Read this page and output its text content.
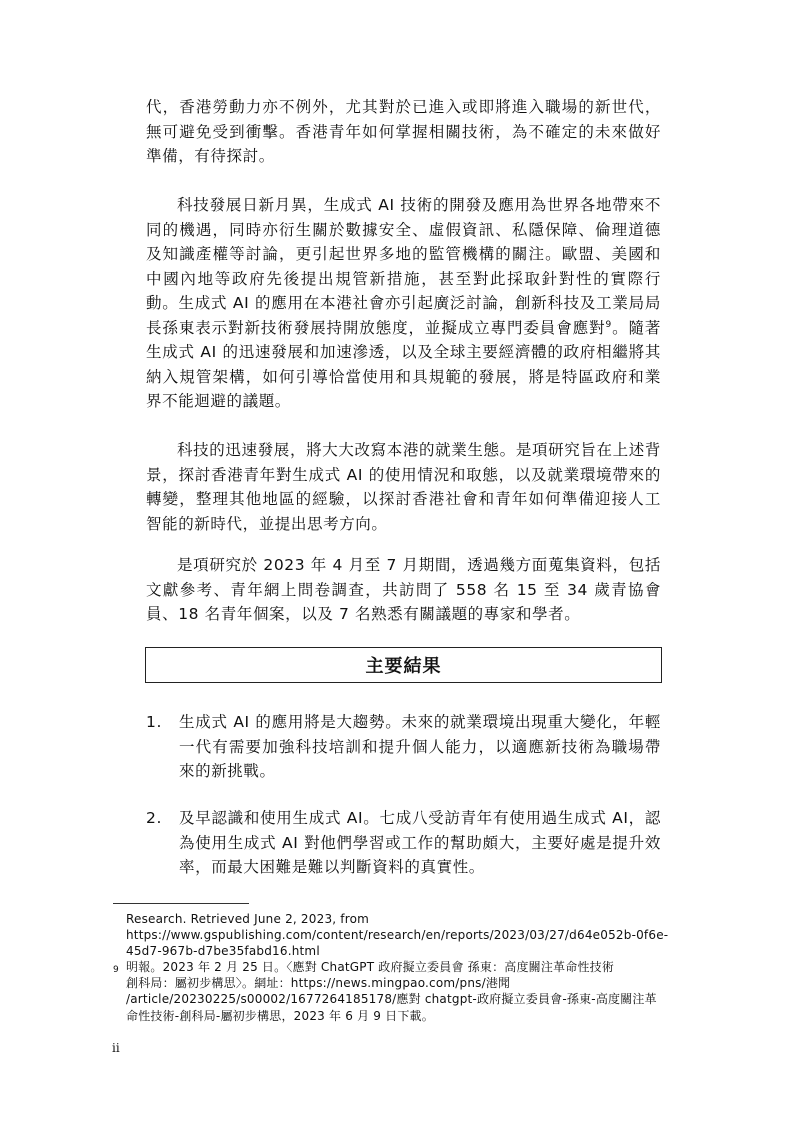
代，香港勞動力亦不例外，尤其對於已進入或即將進入職場的新世代，無可避免受到衝擊。香港青年如何掌握相關技術，為不確定的未來做好準備，有待探討。

科技發展日新月異，生成式 AI 技術的開發及應用為世界各地帶來不同的機遇，同時亦衍生關於數據安全、虛假資訊、私隱保障、倫理道德及知識產權等討論，更引起世界多地的監管機構的關注。歐盟、美國和中國內地等政府先後提出規管新措施，甚至對此採取針對性的實際行動。生成式 AI 的應用在本港社會亦引起廣泛討論，創新科技及工業局局長孫東表示對新技術發展持開放態度，並擬成立專門委員會應對$^9$。隨著生成式 AI 的迅速發展和加速滲透，以及全球主要經濟體的政府相繼將其納入規管架構，如何引導恰當使用和具規範的發展，將是特區政府和業界不能迴避的議題。

科技的迅速發展，將大大改寫本港的就業生態。是項研究旨在上述背景，探討香港青年對生成式 AI 的使用情況和取態，以及就業環境帶來的轉變，整理其他地區的經驗，以探討香港社會和青年如何準備迎接人工智能的新時代，並提出思考方向。

是項研究於 2023 年 4 月至 7 月期間，透過幾方面蒐集資料，包括文獻參考、青年網上問卷調查，共訪問了 558 名 15 至 34 歲青協會員、18 名青年個案，以及 7 名熟悉有關議題的專家和學者。

主要結果
1.	生成式 AI 的應用將是大趨勢。未來的就業環境出現重大變化，年輕一代有需要加強科技培訓和提升個人能力，以適應新技術為職場帶來的新挑戰。
2.	及早認識和使用生成式 AI。七成八受訪青年有使用過生成式 AI，認為使用生成式 AI 對他們學習或工作的幫助頗大，主要好處是提升效率，而最大困難是難以判斷資料的真實性。
Research. Retrieved June 2, 2023, from
https://www.gspublishing.com/content/research/en/reports/2023/03/27/d64e052b-0f6e-
45d7-967b-d7be35fabd16.html
9 明報。2023 年 2 月 25 日。〈應對 ChatGPT 政府擬立委員會 孫東：高度關注革命性技術
創科局：屬初步構思〉。網址：https://news.mingpao.com/pns/港聞
/article/20230225/s00002/1677264185178/應對 chatgpt-政府擬立委員會-孫東-高度關注革
命性技術-創科局-屬初步構思，2023 年 6 月 9 日下載。
ii
